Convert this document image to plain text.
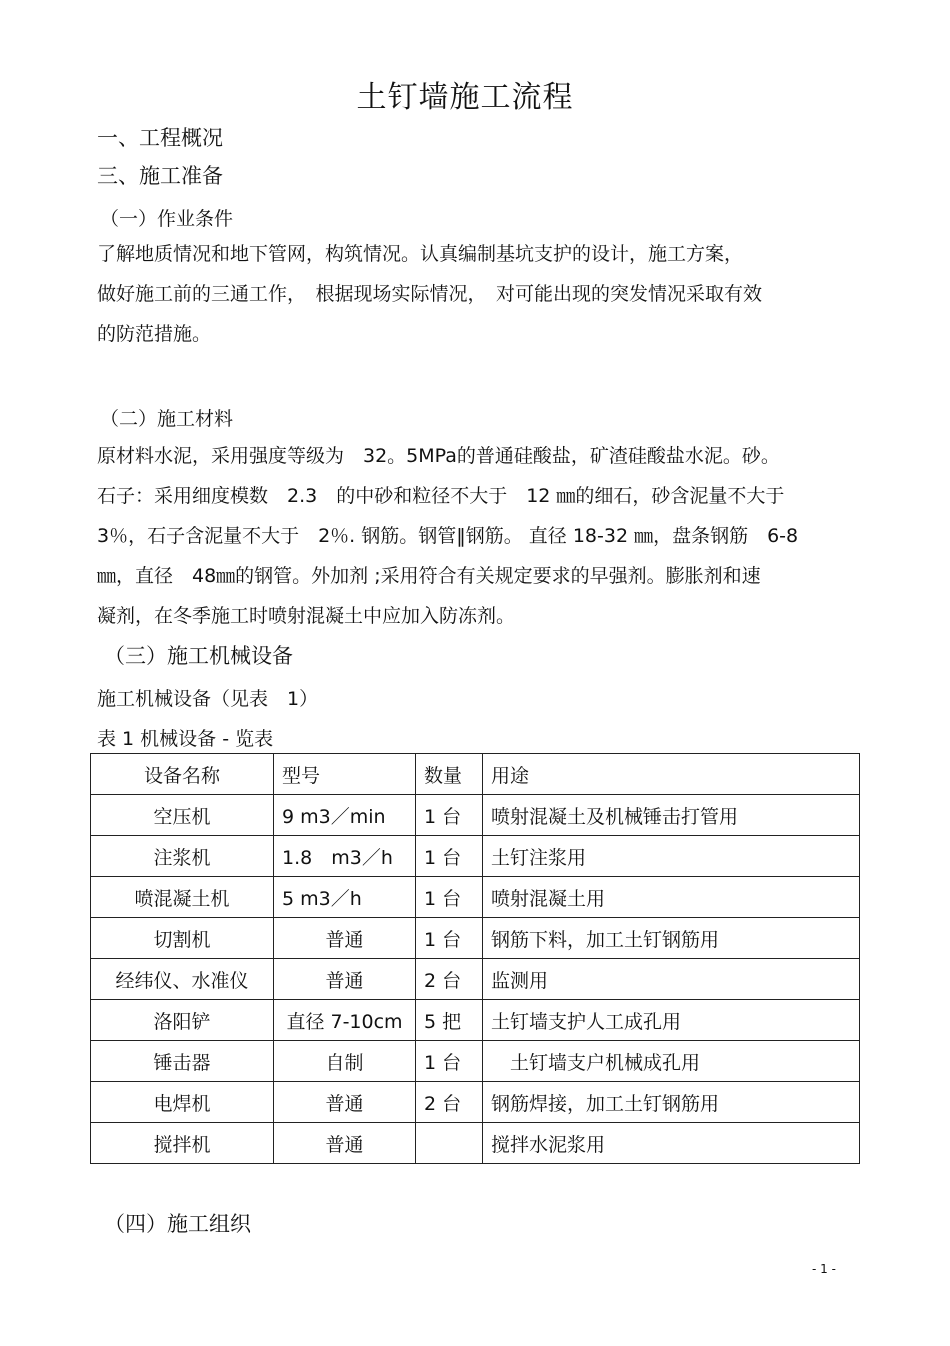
土钉墙施工流程
一、工程概况
三、施工准备
（一）作业条件
了解地质情况和地下管网，构筑情况。认真编制基坑支护的设计，施工方案，
做好施工前的三通工作，　根据现场实际情况，　对可能出现的突发情况采取有效
的防范措施。
（二）施工材料
原材料水泥，采用强度等级为　32。5MPa的普通硅酸盐，矿渣硅酸盐水泥。砂。
石子：采用细度模数　2.3　的中砂和粒径不大于　12 ㎜的细石，砂含泥量不大于
3％，石子含泥量不大于　2％. 钢筋。钢管‖钢筋。 直径 18-32 ㎜，盘条钢筋　6-8
㎜，直径　48㎜的钢管。外加剂 ;采用符合有关规定要求的早强剂。膨胀剂和速
凝剂，在冬季施工时喷射混凝土中应加入防冻剂。
（三）施工机械设备
施工机械设备（见表　1）
表 1 机械设备 - 览表
设备名称	型号	数量	用途
空压机	9 m3／min	1 台	喷射混凝土及机械锤击打管用
注浆机	1.8　m3／h	1 台	土钉注浆用
喷混凝土机	5 m3／h	1 台	喷射混凝土用
切割机	普通	1 台	钢筋下料，加工土钉钢筋用
经纬仪、水准仪	普通	2 台	监测用
洛阳铲	直径 7-10cm	5 把	土钉墙支护人工成孔用
锤击器	自制	1 台	　土钉墙支户机械成孔用
电焊机	普通	2 台	钢筋焊接，加工土钉钢筋用
搅拌机	普通		搅拌水泥浆用
（四）施工组织
- 1 -
